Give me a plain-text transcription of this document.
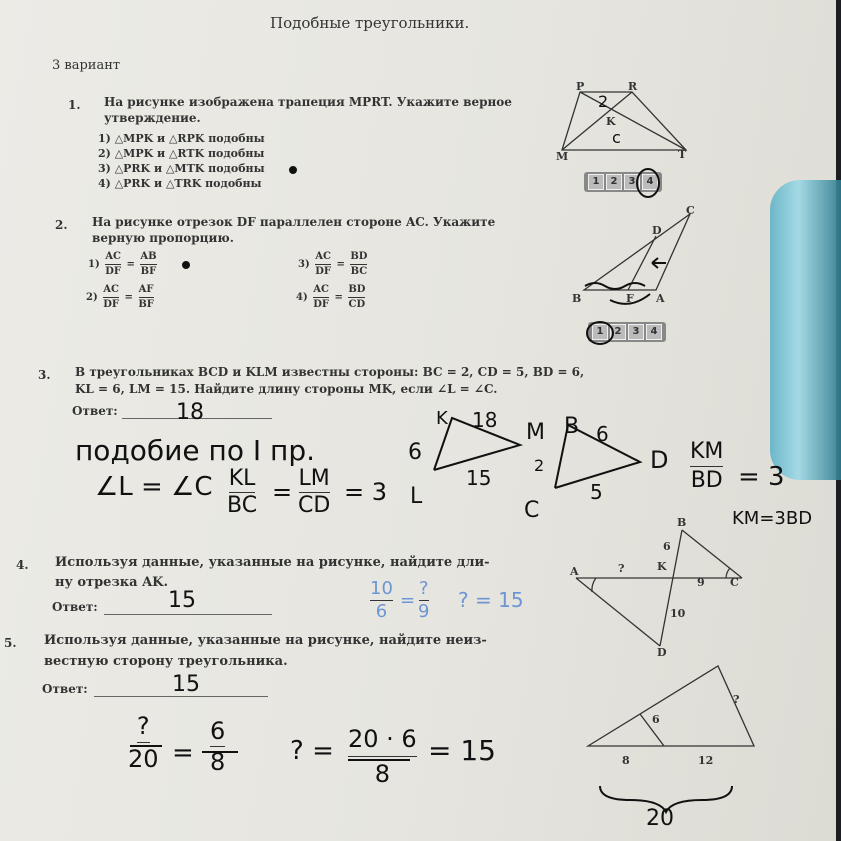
Подобные треугольники.
3 вариант
1. На рисунке изображена трапеция MPRT. Укажите верное
утверждение.
1) △MPK и △RPK подобны
2) △MPK и △RTK подобны
3) △PRK и △MTK подобны
4) △PRK и △TRK подобны	1	2	3	4
P	R
K
M	T
2. На рисунке отрезок DF параллелен стороне AC. Укажите
верную пропорцию.
$1) \frac{AC}{DF} = \frac{AB}{BF}$
$2) \frac{AC}{DF} = \frac{AF}{BF}$
$3) \frac{AC}{DF} = \frac{BD}{BC}$
$4) \frac{AC}{DF} = \frac{BD}{CD}$
1	2	3	4
C
D
B	F A
3. В треугольниках BCD и KLM известны стороны: BC = 2, CD = 5, BD = 6,
KL = 6, LM = 15. Найдите длину стороны MK, если ∠L = ∠C.
Ответ:
4. Используя данные, указанные на рисунке, найдите дли-
ну отрезка AK.
Ответ:
A	?	K
B
6
9 C
10
D
5. Используя данные, указанные на рисунке, найдите неиз-
вестную сторону треугольника.
Ответ:
6
?
8	12
18
подобие по I пр.
∠L = ∠C $\frac{KL}{BC} = \frac{LM}{CD} = 3$
K 18 M
6
15
L
B 6
D
2
5
C
$\frac{KM}{BD} = 3$
KM=3BD
$\frac{10}{6} = \frac{?}{9}$ ? = 15
15
15
$\frac{?}{20} = \frac{6}{8}$ ? = $\frac{20 \cdot 6}{8} = 15$
20
2
c
